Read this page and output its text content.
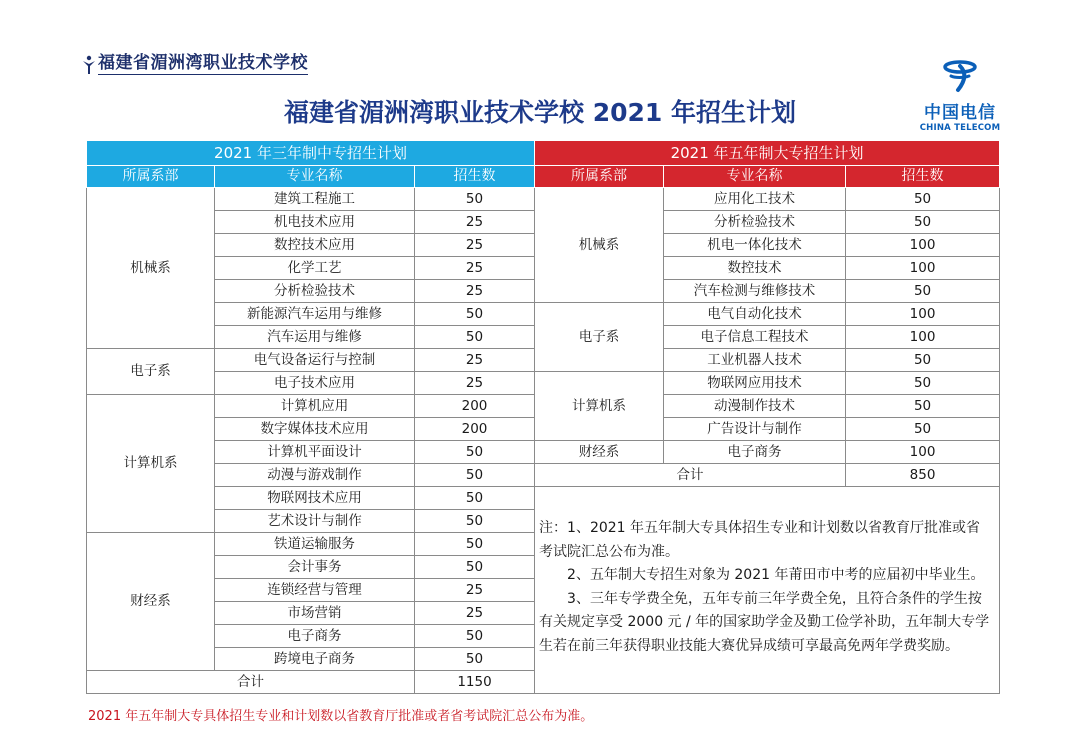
福建省湄洲湾职业技术学校
福建省湄洲湾职业技术学校 2021 年招生计划	中国电信
CHINA TELECOM
2021 年三年制中专招生计划			2021 年五年制大专招生计划		
所属系部	专业名称	招生数	所属系部	专业名称	招生数
机械系	建筑工程施工	50	机械系	应用化工技术	50
	机电技术应用	25		分析检验技术	50
	数控技术应用	25		机电一体化技术	100
	化学工艺	25		数控技术	100
	分析检验技术	25		汽车检测与维修技术	50
	新能源汽车运用与维修	50	电子系	电气自动化技术	100
	汽车运用与维修	50		电子信息工程技术	100
电子系	电气设备运行与控制	25		工业机器人技术	50
	电子技术应用	25	计算机系	物联网应用技术	50
计算机系	计算机应用	200		动漫制作技术	50
	数字媒体技术应用	200		广告设计与制作	50
	计算机平面设计	50	财经系	电子商务	100
	动漫与游戏制作	50	合计		850
	物联网技术应用	50	注：1、2021 年五年制大专具体招生专业和计划数以省教育厅批准或省考试院汇总公布为准。

2、五年制大专招生对象为 2021 年莆田市中考的应届初中毕业生。

3、三年专学费全免，五年专前三年学费全免，且符合条件的学生按有关规定享受 2000 元 / 年的国家助学金及勤工俭学补助，五年制大专学生若在前三年获得职业技能大赛优异成绩可享最高免两年学费奖励。		

	艺术设计与制作	50			
财经系	铁道运输服务	50			
	会计事务	50			
	连锁经营与管理	25			
	市场营销	25			
	电子商务	50			
	跨境电子商务	50			
合计		1150			
2021 年五年制大专具体招生专业和计划数以省教育厅批准或者省考试院汇总公布为准。
